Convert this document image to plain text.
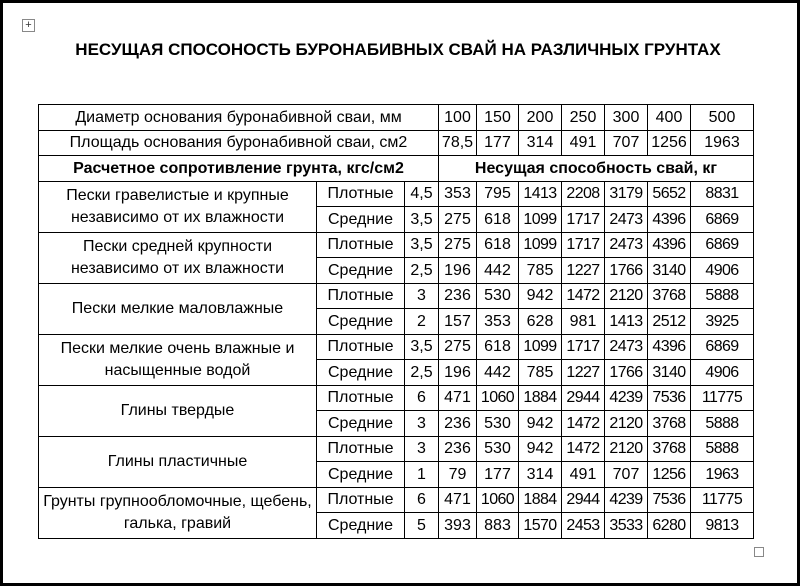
+
НЕСУЩАЯ СПОСОНОСТЬ БУРОНАБИВНЫХ СВАЙ НА РАЗЛИЧНЫХ ГРУНТАХ
Диаметр основания буронабивной сваи, мм			100	150	200	250	300	400	500
Площадь основания буронабивной сваи, см2			78,5	177	314	491	707	1256	1963
Расчетное сопротивление грунта, кгс/см2			Несущая способность свай, кг						
Пески гравелистые и крупные независимо от их влажности	Плотные	4,5	353	795	1413	2208	3179	5652	8831
	Средние	3,5	275	618	1099	1717	2473	4396	6869
Пески средней крупности независимо от их влажности	Плотные	3,5	275	618	1099	1717	2473	4396	6869
	Средние	2,5	196	442	785	1227	1766	3140	4906
Пески мелкие маловлажные	Плотные	3	236	530	942	1472	2120	3768	5888
	Средние	2	157	353	628	981	1413	2512	3925
Пески мелкие очень влажные и насыщенные водой	Плотные	3,5	275	618	1099	1717	2473	4396	6869
	Средние	2,5	196	442	785	1227	1766	3140	4906
Глины твердые	Плотные	6	471	1060	1884	2944	4239	7536	11775
	Средние	3	236	530	942	1472	2120	3768	5888
Глины пластичные	Плотные	3	236	530	942	1472	2120	3768	5888
	Средние	1	79	177	314	491	707	1256	1963
Грунты групнообломочные, щебень, галька, гравий	Плотные	6	471	1060	1884	2944	4239	7536	11775
	Средние	5	393	883	1570	2453	3533	6280	9813
